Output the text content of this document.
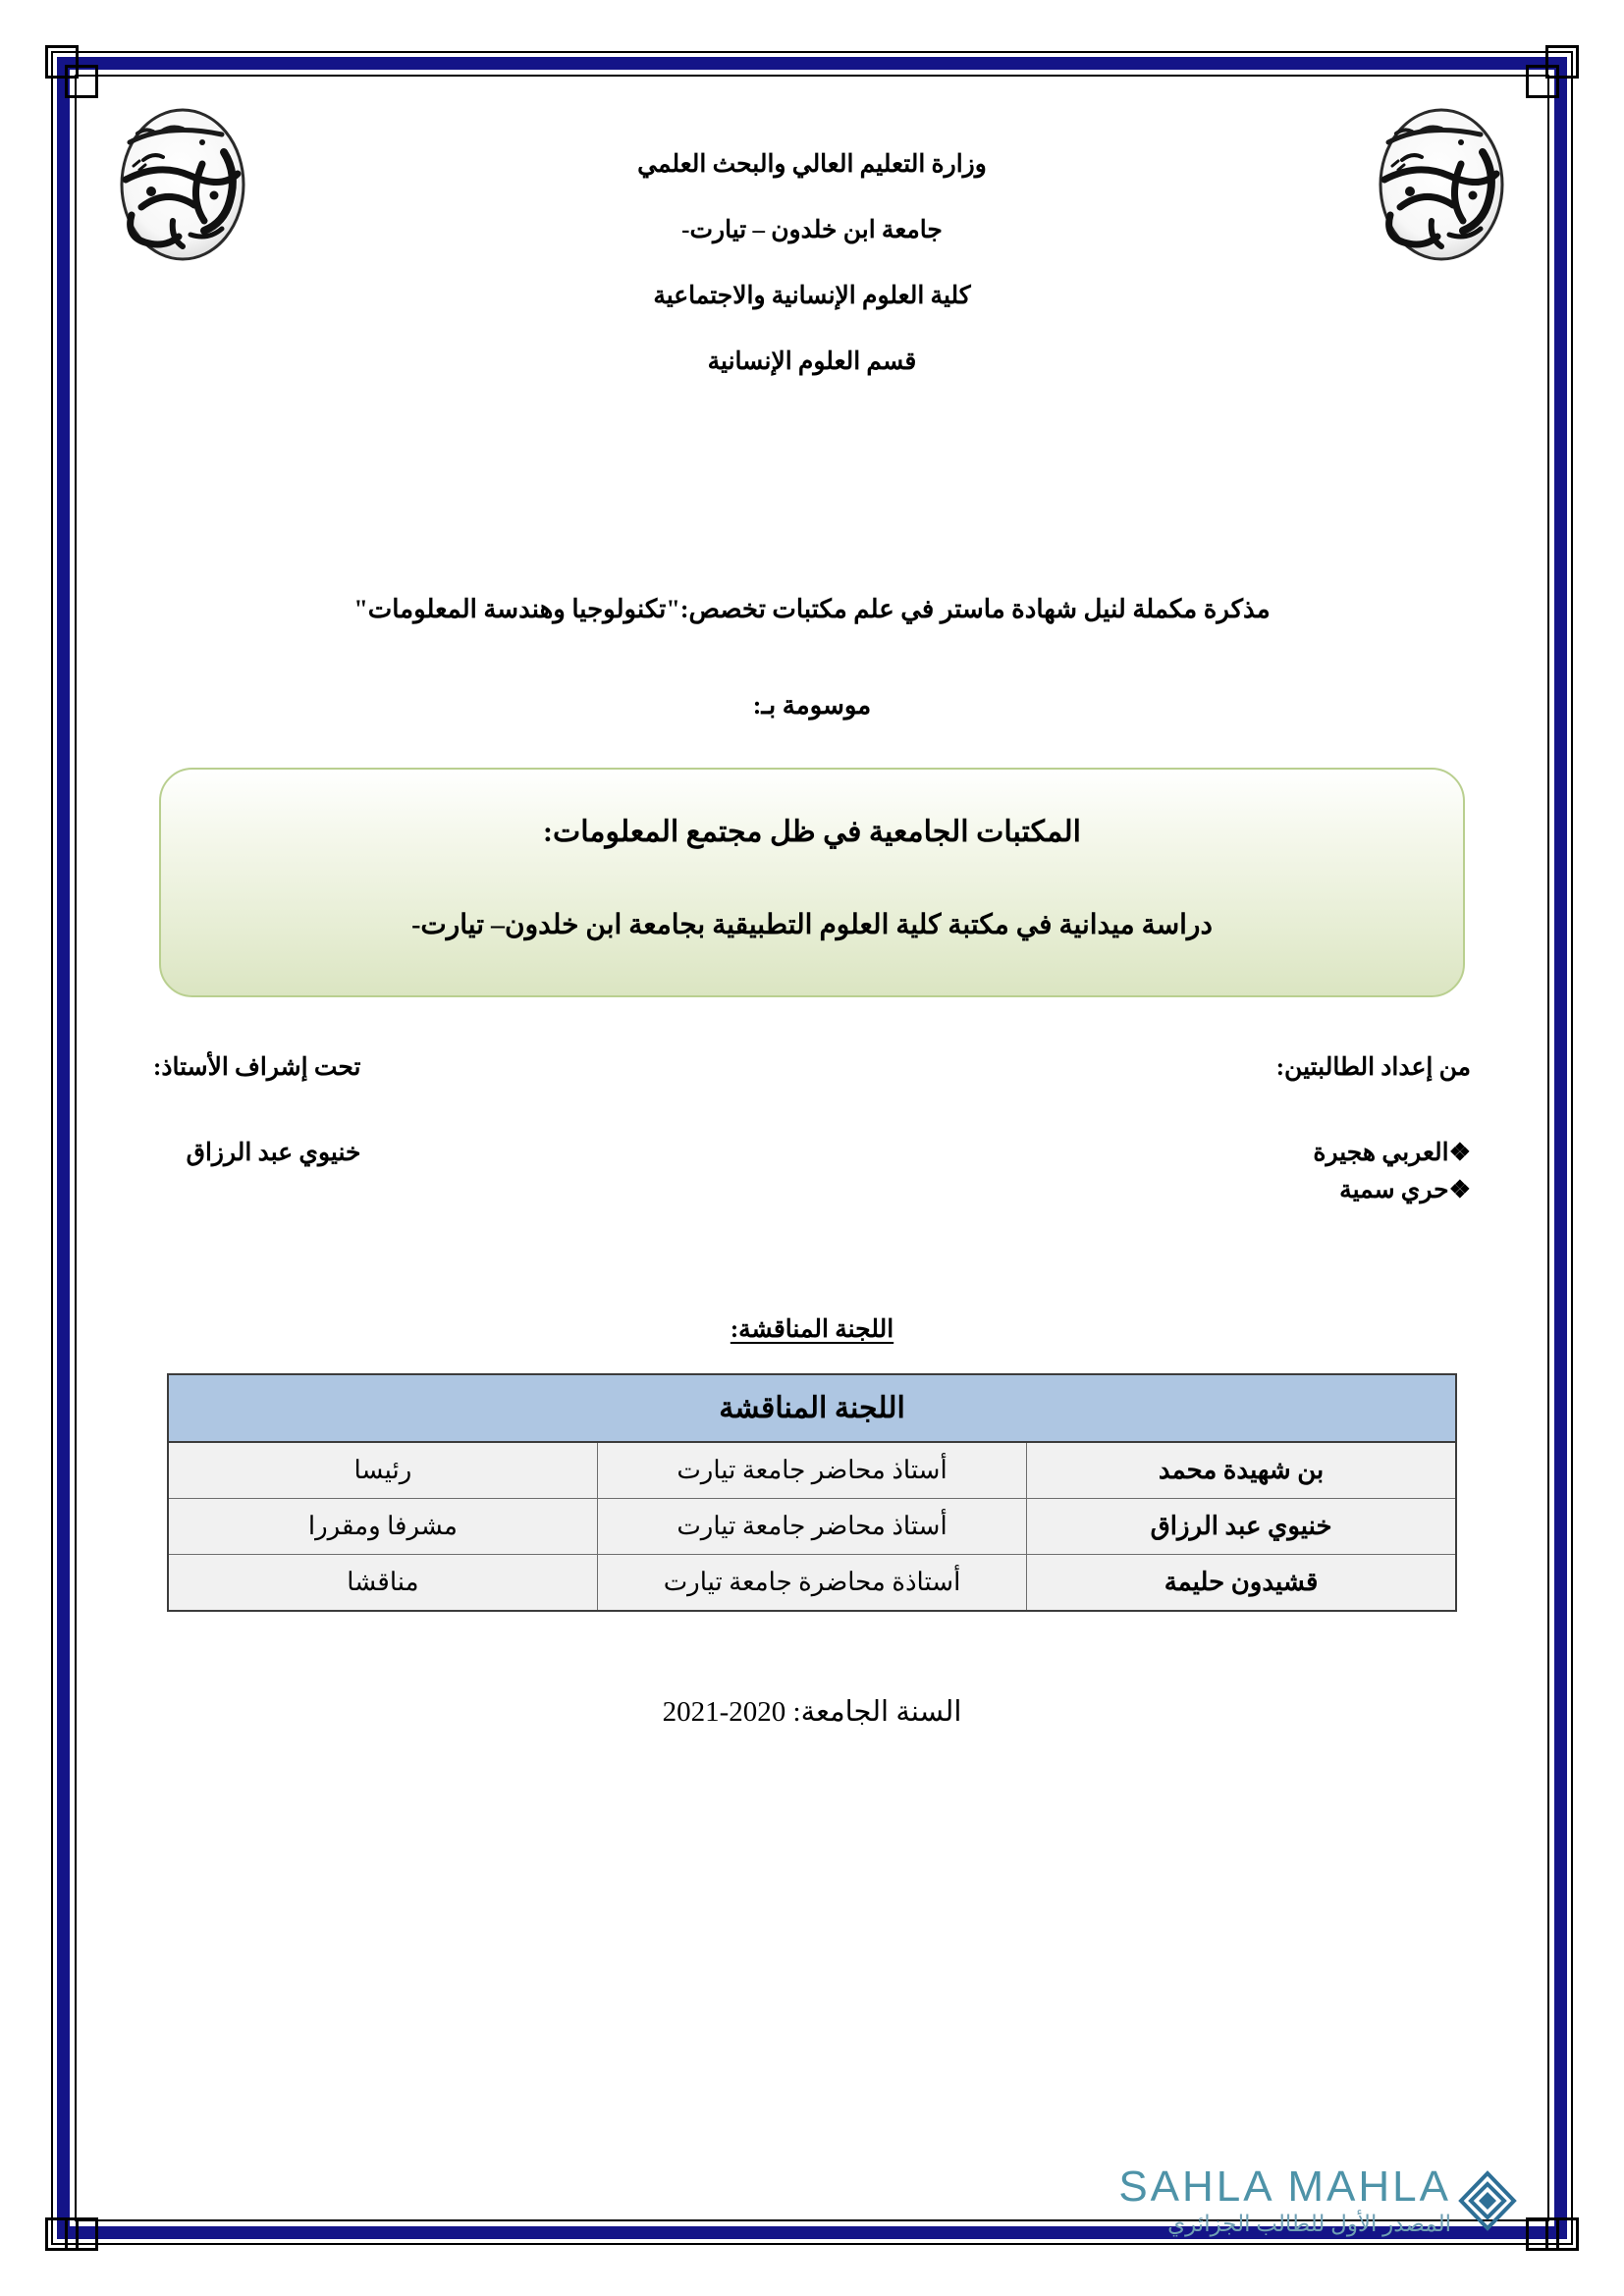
وزارة التعليم العالي والبحث العلمي
جامعة ابن خلدون – تيارت-
كلية العلوم الإنسانية والاجتماعية
قسم العلوم الإنسانية
مذكرة مكملة لنيل شهادة ماستر في علم مكتبات تخصص:"تكنولوجيا وهندسة المعلومات"
موسومة بـ:
المكتبات الجامعية في ظل مجتمع المعلومات:
دراسة ميدانية في مكتبة كلية العلوم التطبيقية بجامعة ابن خلدون– تيارت-
من إعداد الطالبتين:
❖العربي هجيرة
❖حري سمية
تحت إشراف الأستاذ:
خنيوي عبد الرزاق
اللجنة المناقشة:
اللجنة المناقشة		
بن شهيدة محمد	أستاذ محاضر جامعة تيارت	رئيسا
خنيوي عبد الرزاق	أستاذ محاضر جامعة تيارت	مشرفا ومقررا
قشيدون حليمة	أستاذة محاضرة جامعة تيارت	مناقشا
السنة الجامعة: 2020-2021
SAHLA MAHLA
المصدر الأول للطالب الجزائري
